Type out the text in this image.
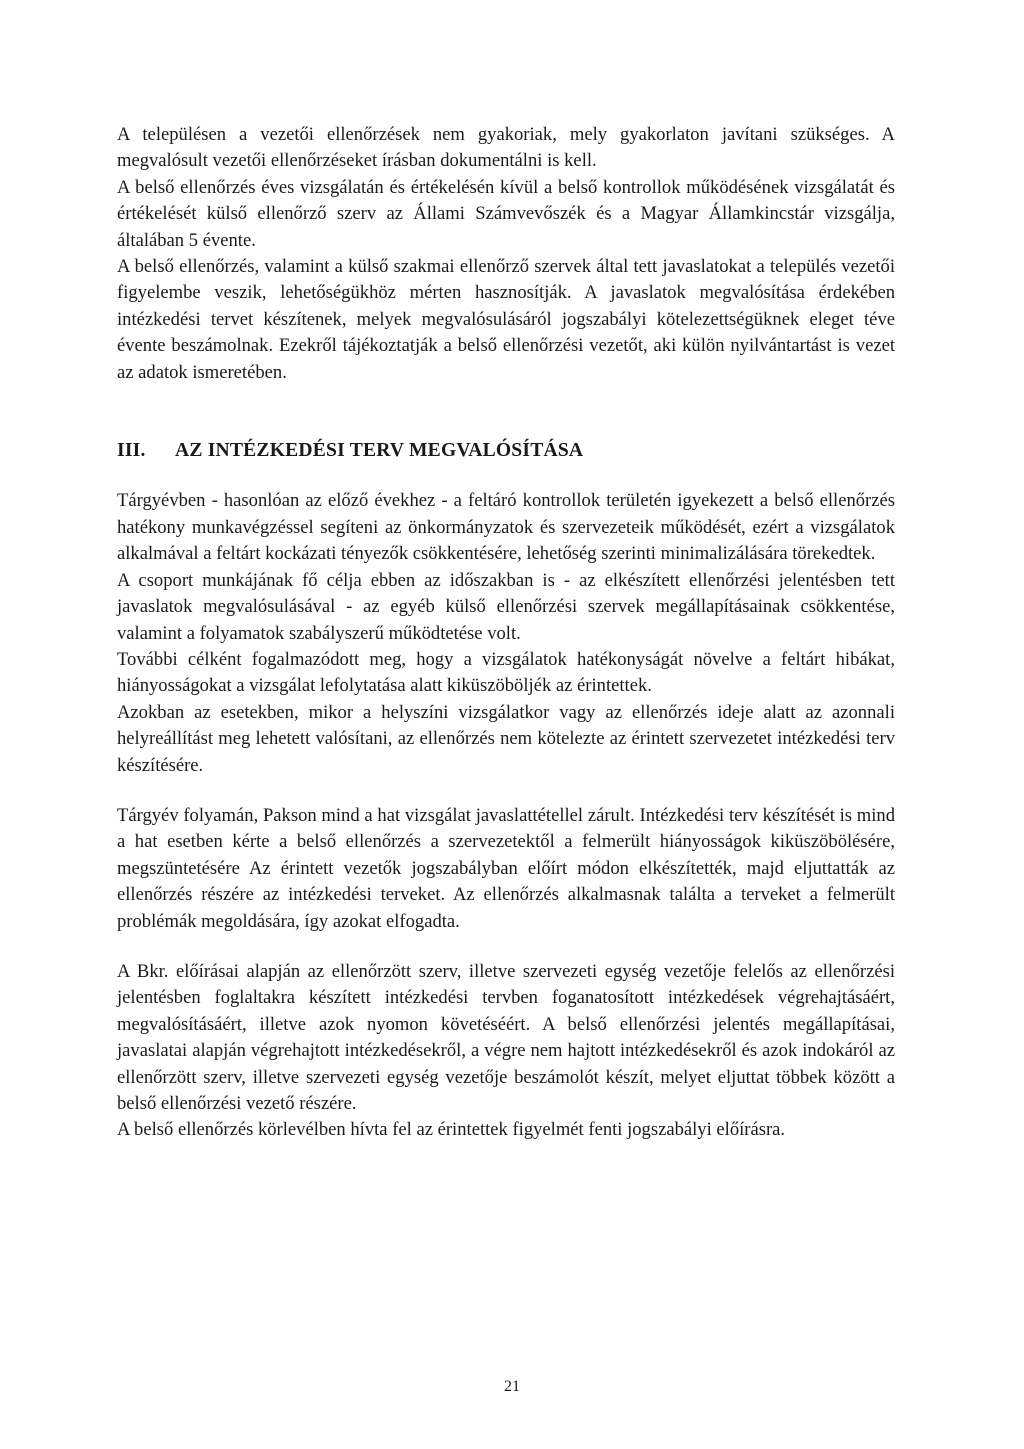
A településen a vezetői ellenőrzések nem gyakoriak, mely gyakorlaton javítani szükséges. A megvalósult vezetői ellenőrzéseket írásban dokumentálni is kell.

A belső ellenőrzés éves vizsgálatán és értékelésén kívül a belső kontrollok működésének vizsgálatát és értékelését külső ellenőrző szerv az Állami Számvevőszék és a Magyar Államkincstár vizsgálja, általában 5 évente.

A belső ellenőrzés, valamint a külső szakmai ellenőrző szervek által tett javaslatokat a település vezetői figyelembe veszik, lehetőségükhöz mérten hasznosítják. A javaslatok megvalósítása érdekében intézkedési tervet készítenek, melyek megvalósulásáról jogszabályi kötelezettségüknek eleget téve évente beszámolnak. Ezekről tájékoztatják a belső ellenőrzési vezetőt, aki külön nyilvántartást is vezet az adatok ismeretében.

III.	AZ INTÉZKEDÉSI TERV MEGVALÓSÍTÁSA

Tárgyévben - hasonlóan az előző évekhez - a feltáró kontrollok területén igyekezett a belső ellenőrzés hatékony munkavégzéssel segíteni az önkormányzatok és szervezeteik működését, ezért a vizsgálatok alkalmával a feltárt kockázati tényezők csökkentésére, lehetőség szerinti minimalizálására törekedtek.

A csoport munkájának fő célja ebben az időszakban is - az elkészített ellenőrzési jelentésben tett javaslatok megvalósulásával - az egyéb külső ellenőrzési szervek megállapításainak csökkentése, valamint a folyamatok szabályszerű működtetése volt.

További célként fogalmazódott meg, hogy a vizsgálatok hatékonyságát növelve a feltárt hibákat, hiányosságokat a vizsgálat lefolytatása alatt kiküszöböljék az érintettek.

Azokban az esetekben, mikor a helyszíni vizsgálatkor vagy az ellenőrzés ideje alatt az azonnali helyreállítást meg lehetett valósítani, az ellenőrzés nem kötelezte az érintett szervezetet intézkedési terv készítésére.

Tárgyév folyamán, Pakson mind a hat vizsgálat javaslattétellel zárult. Intézkedési terv készítését is mind a hat esetben kérte a belső ellenőrzés a szervezetektől a felmerült hiányosságok kiküszöbölésére, megszüntetésére Az érintett vezetők jogszabályban előírt módon elkészítették, majd eljuttatták az ellenőrzés részére az intézkedési terveket. Az ellenőrzés alkalmasnak találta a terveket a felmerült problémák megoldására, így azokat elfogadta.

A Bkr. előírásai alapján az ellenőrzött szerv, illetve szervezeti egység vezetője felelős az ellenőrzési jelentésben foglaltakra készített intézkedési tervben foganatosított intézkedések végrehajtásáért, megvalósításáért, illetve azok nyomon követéséért. A belső ellenőrzési jelentés megállapításai, javaslatai alapján végrehajtott intézkedésekről, a végre nem hajtott intézkedésekről és azok indokáról az ellenőrzött szerv, illetve szervezeti egység vezetője beszámolót készít, melyet eljuttat többek között a belső ellenőrzési vezető részére.

A belső ellenőrzés körlevélben hívta fel az érintettek figyelmét fenti jogszabályi előírásra.

21
